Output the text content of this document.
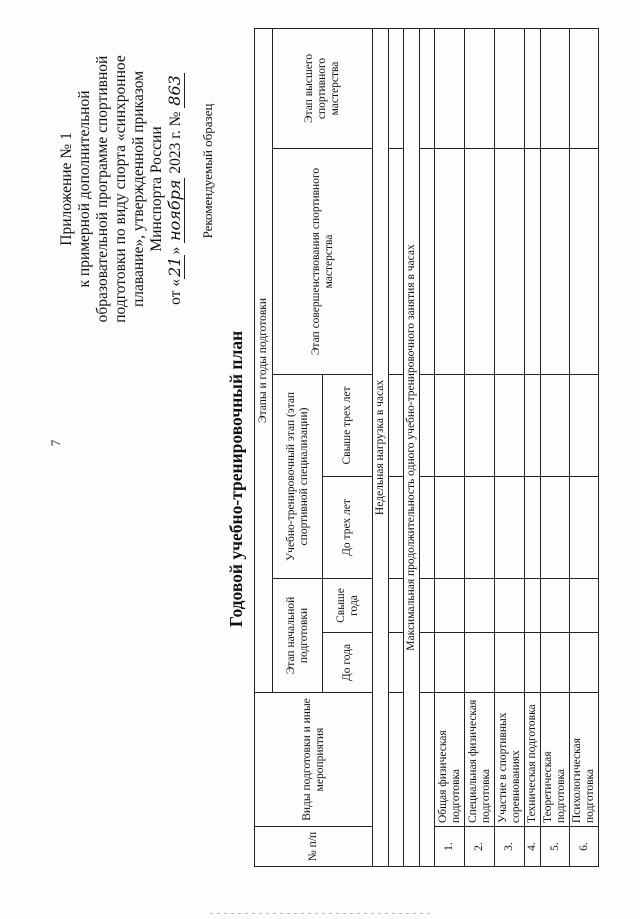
7
Приложение № 1 к примерной дополнительной образовательной программе спортивной подготовки по виду спорта «синхронное плавание», утвержденной приказом Минспорта России
от «21» ноября 2023 г. № 863
Рекомендуемый образец
Годовой учебно-тренировочный план
№ п/п	Виды подготовки и иные мероприятия	Этапы и годы подготовки					
		Этап начальной подготовки		Учебно-тренировочный этап (этап спортивной специализации)		Этап совершенствования спортивного мастерства	Этап высшего спортивного мастерства
		До года	Свыше года	До трех лет	Свыше трех лет		
Недельная нагрузка в часах							

Максимальная продолжительность одного учебно-тренировочного занятия в часах							

1.	Общая физическая подготовка						
2.	Специальная физическая подготовка						
3.	Участие в спортивных соревнованиях						
4.	Техническая подготовка						
5.	Теоретическая подготовка						
6.	Психологическая подготовка						
